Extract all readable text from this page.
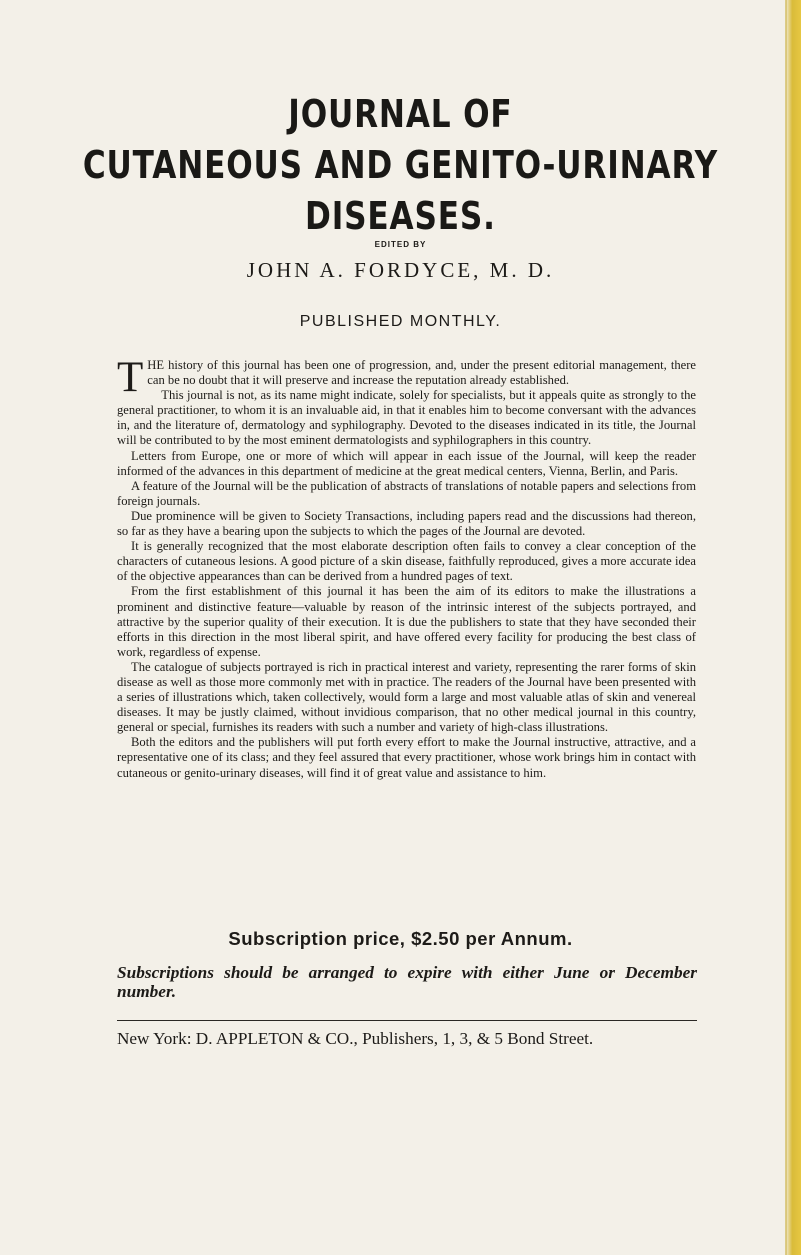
JOURNAL OF
CUTANEOUS AND GENITO-URINARY
DISEASES.
EDITED BY
JOHN A. FORDYCE, M. D.
PUBLISHED MONTHLY.

THE history of this journal has been one of progression, and, under the present editorial management, there can be no doubt that it will preserve and increase the reputation already established.

This journal is not, as its name might indicate, solely for specialists, but it appeals quite as strongly to the general practitioner, to whom it is an invaluable aid, in that it enables him to become conversant with the advances in, and the literature of, dermatology and syphilography. Devoted to the diseases indicated in its title, the Journal will be contributed to by the most eminent dermatologists and syphilographers in this country.

Letters from Europe, one or more of which will appear in each issue of the Journal, will keep the reader informed of the advances in this department of medicine at the great medical centers, Vienna, Berlin, and Paris.

A feature of the Journal will be the publication of abstracts of translations of notable papers and selections from foreign journals.

Due prominence will be given to Society Transactions, including papers read and the discussions had thereon, so far as they have a bearing upon the subjects to which the pages of the Journal are devoted.

It is generally recognized that the most elaborate description often fails to convey a clear conception of the characters of cutaneous lesions. A good picture of a skin disease, faithfully reproduced, gives a more accurate idea of the objective appearances than can be derived from a hundred pages of text.

From the first establishment of this journal it has been the aim of its editors to make the illustrations a prominent and distinctive feature—valuable by reason of the intrinsic interest of the subjects portrayed, and attractive by the superior quality of their execution. It is due the publishers to state that they have seconded their efforts in this direction in the most liberal spirit, and have offered every facility for producing the best class of work, regardless of expense.

The catalogue of subjects portrayed is rich in practical interest and variety, representing the rarer forms of skin disease as well as those more commonly met with in practice. The readers of the Journal have been presented with a series of illustrations which, taken collectively, would form a large and most valuable atlas of skin and venereal diseases. It may be justly claimed, without invidious comparison, that no other medical journal in this country, general or special, furnishes its readers with such a number and variety of high-class illustrations.

Both the editors and the publishers will put forth every effort to make the Journal instructive, attractive, and a representative one of its class; and they feel assured that every practitioner, whose work brings him in contact with cutaneous or genito-urinary diseases, will find it of great value and assistance to him.

Subscription price, $2.50 per Annum.
Subscriptions should be arranged to expire with either June or December number.
New York: D. APPLETON & CO., Publishers, 1, 3, & 5 Bond Street.
